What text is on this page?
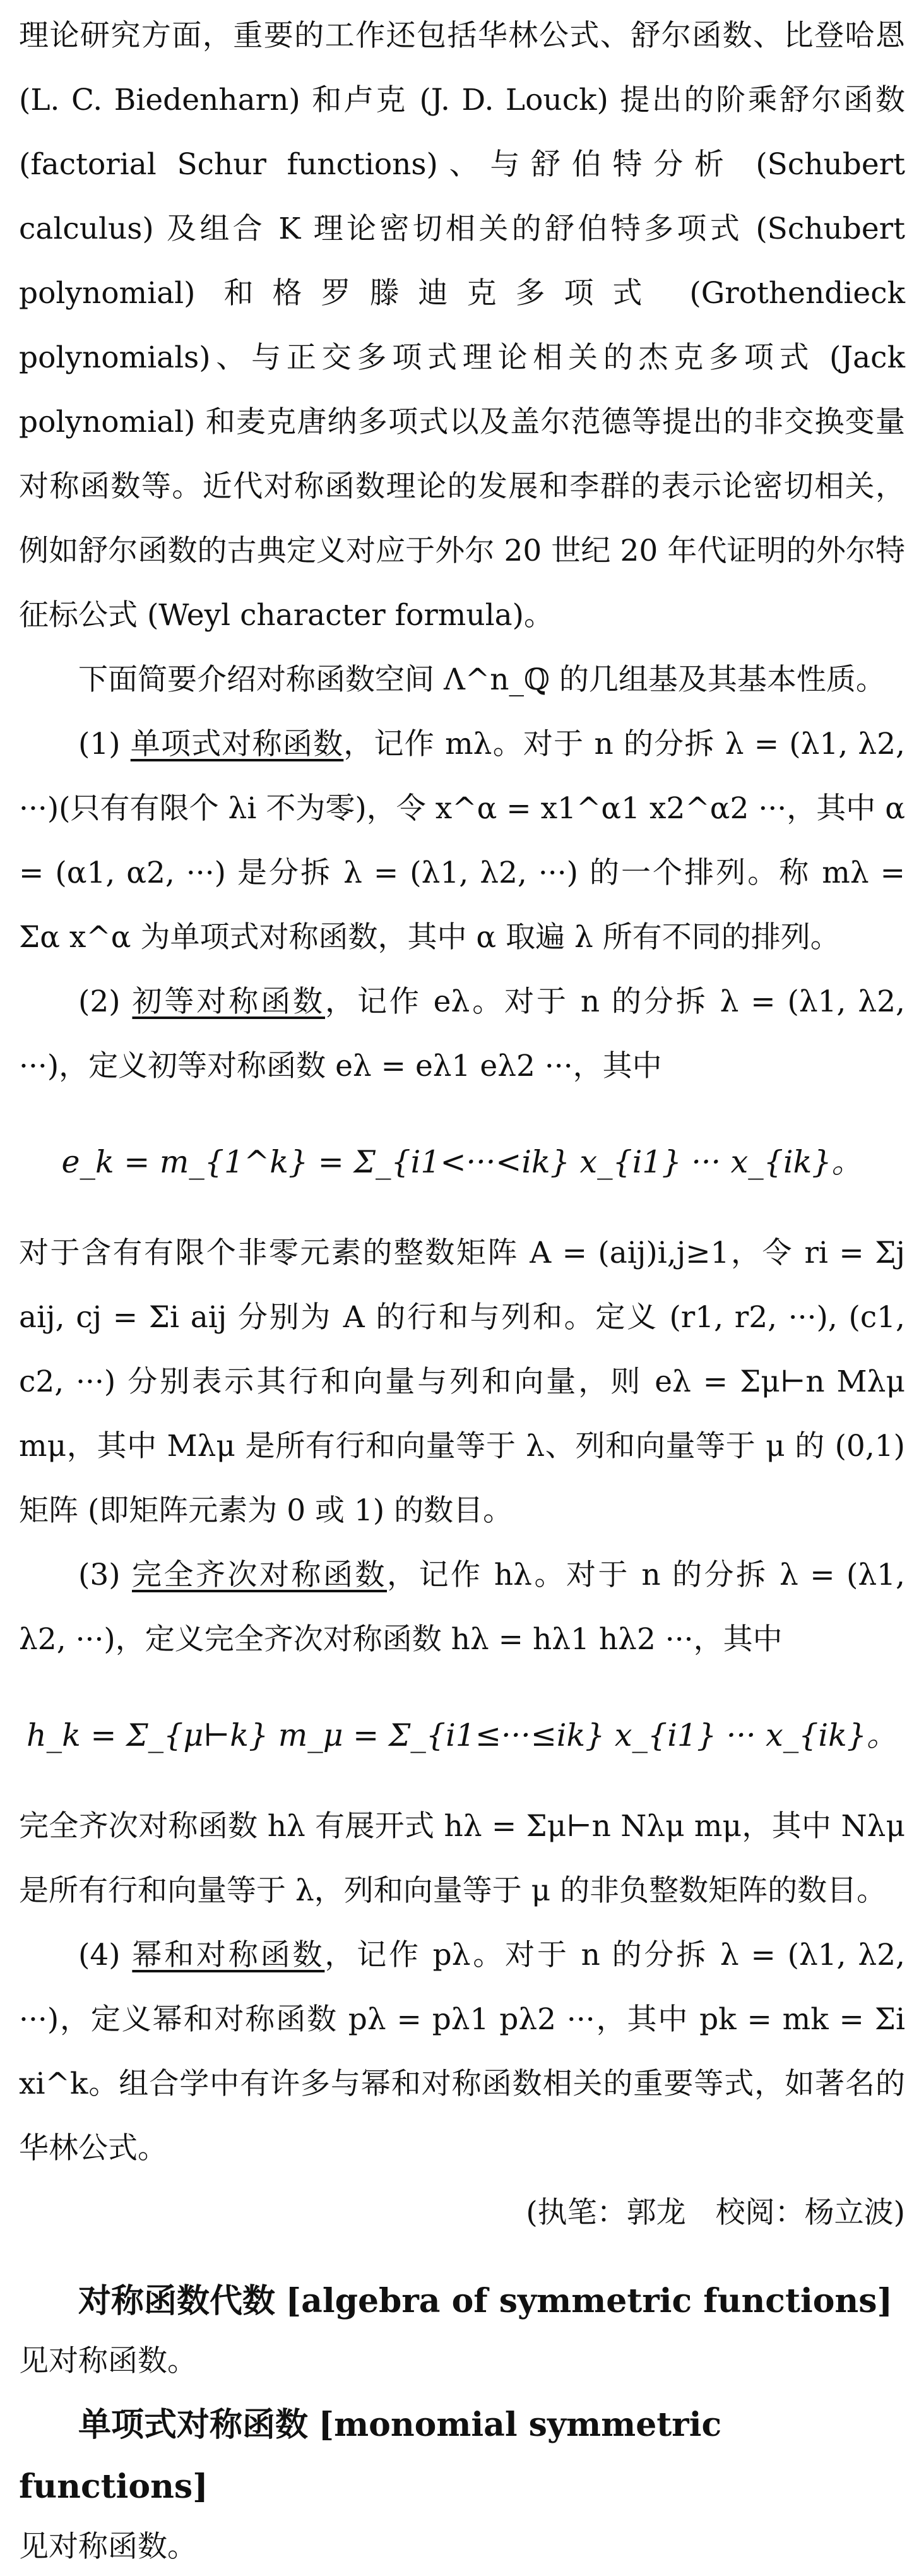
理论研究方面，重要的工作还包括华林公式、舒尔函数、比登哈恩 (L. C. Biedenharn) 和卢克 (J. D. Louck) 提出的阶乘舒尔函数 (factorial Schur functions)、与舒伯特分析 (Schubert calculus) 及组合 K 理论密切相关的舒伯特多项式 (Schubert polynomial) 和格罗滕迪克多项式 (Grothendieck polynomials)、与正交多项式理论相关的杰克多项式 (Jack polynomial) 和麦克唐纳多项式以及盖尔范德等提出的非交换变量对称函数等。近代对称函数理论的发展和李群的表示论密切相关，例如舒尔函数的古典定义对应于外尔 20 世纪 20 年代证明的外尔特征标公式 (Weyl character formula)。

下面简要介绍对称函数空间 Λ^n_ℚ 的几组基及其基本性质。

(1) 单项式对称函数，记作 mλ。对于 n 的分拆 λ = (λ1, λ2, ···)(只有有限个 λi 不为零)，令 x^α = x1^α1 x2^α2 ···，其中 α = (α1, α2, ···) 是分拆 λ = (λ1, λ2, ···) 的一个排列。称 mλ = Σα x^α 为单项式对称函数，其中 α 取遍 λ 所有不同的排列。

(2) 初等对称函数，记作 eλ。对于 n 的分拆 λ = (λ1, λ2, ···)，定义初等对称函数 eλ = eλ1 eλ2 ···，其中

e_k = m_{1^k} = Σ_{i1<···<ik} x_{i1} ··· x_{ik}。

对于含有有限个非零元素的整数矩阵 A = (aij)i,j≥1，令 ri = Σj aij, cj = Σi aij 分别为 A 的行和与列和。定义 (r1, r2, ···), (c1, c2, ···) 分别表示其行和向量与列和向量，则 eλ = Σμ⊢n Mλμ mμ，其中 Mλμ 是所有行和向量等于 λ、列和向量等于 μ 的 (0,1) 矩阵 (即矩阵元素为 0 或 1) 的数目。

(3) 完全齐次对称函数，记作 hλ。对于 n 的分拆 λ = (λ1, λ2, ···)，定义完全齐次对称函数 hλ = hλ1 hλ2 ···，其中

h_k = Σ_{μ⊢k} m_μ = Σ_{i1≤···≤ik} x_{i1} ··· x_{ik}。

完全齐次对称函数 hλ 有展开式 hλ = Σμ⊢n Nλμ mμ，其中 Nλμ 是所有行和向量等于 λ，列和向量等于 μ 的非负整数矩阵的数目。

(4) 幂和对称函数，记作 pλ。对于 n 的分拆 λ = (λ1, λ2, ···)，定义幂和对称函数 pλ = pλ1 pλ2 ···，其中 pk = mk = Σi xi^k。组合学中有许多与幂和对称函数相关的重要等式，如著名的华林公式。

(执笔：郭龙　校阅：杨立波)

对称函数代数 [algebra of symmetric functions]

见对称函数。

单项式对称函数 [monomial symmetric functions]

见对称函数。
